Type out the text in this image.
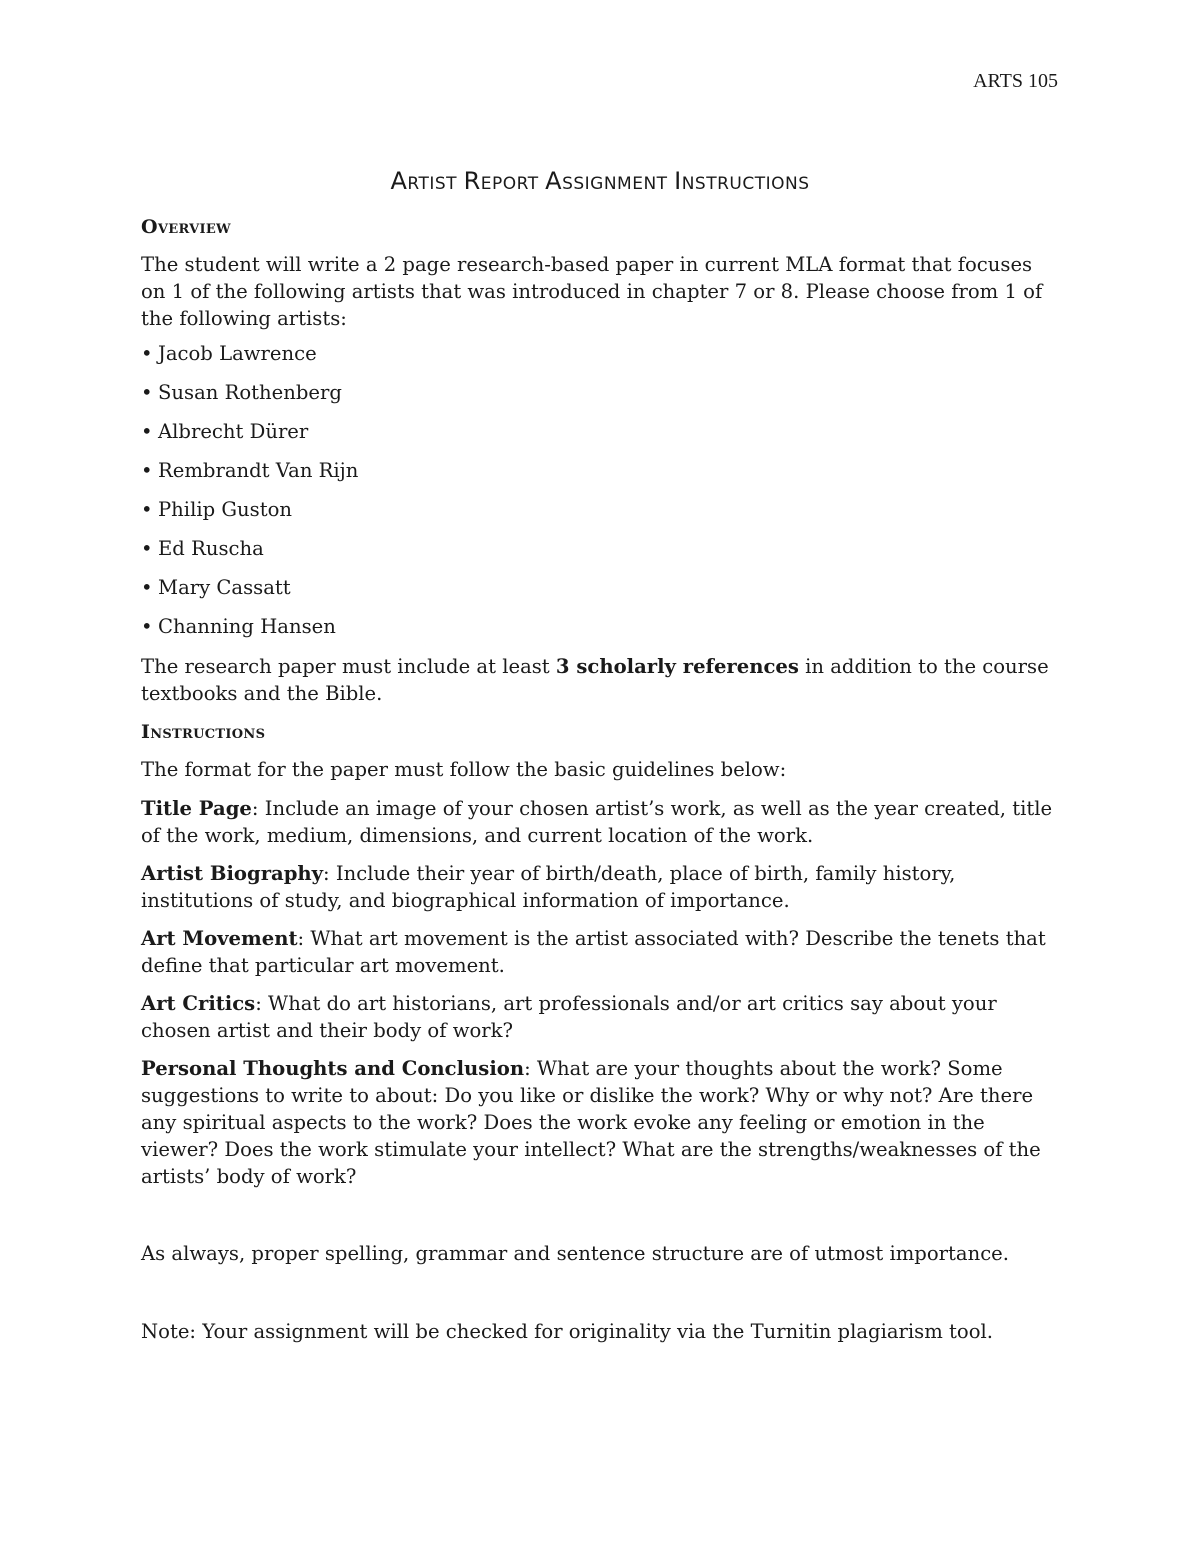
ARTS 105
Artist Report Assignment Instructions
Overview

The student will write a 2 page research-based paper in current MLA format that focuses on 1 of the following artists that was introduced in chapter 7 or 8. Please choose from 1 of the following artists:

• Jacob Lawrence
• Susan Rothenberg
• Albrecht Dürer
• Rembrandt Van Rijn
• Philip Guston
• Ed Ruscha
• Mary Cassatt
• Channing Hansen

The research paper must include at least 3 scholarly references in addition to the course textbooks and the Bible.

Instructions

The format for the paper must follow the basic guidelines below:

Title Page: Include an image of your chosen artist’s work, as well as the year created, title of the work, medium, dimensions, and current location of the work.

Artist Biography: Include their year of birth/death, place of birth, family history, institutions of study, and biographical information of importance.

Art Movement: What art movement is the artist associated with? Describe the tenets that define that particular art movement.

Art Critics: What do art historians, art professionals and/or art critics say about your chosen artist and their body of work?

Personal Thoughts and Conclusion: What are your thoughts about the work? Some suggestions to write to about: Do you like or dislike the work? Why or why not? Are there any spiritual aspects to the work? Does the work evoke any feeling or emotion in the viewer? Does the work stimulate your intellect? What are the strengths/weaknesses of the artists’ body of work?

As always, proper spelling, grammar and sentence structure are of utmost importance.

Note: Your assignment will be checked for originality via the Turnitin plagiarism tool.
